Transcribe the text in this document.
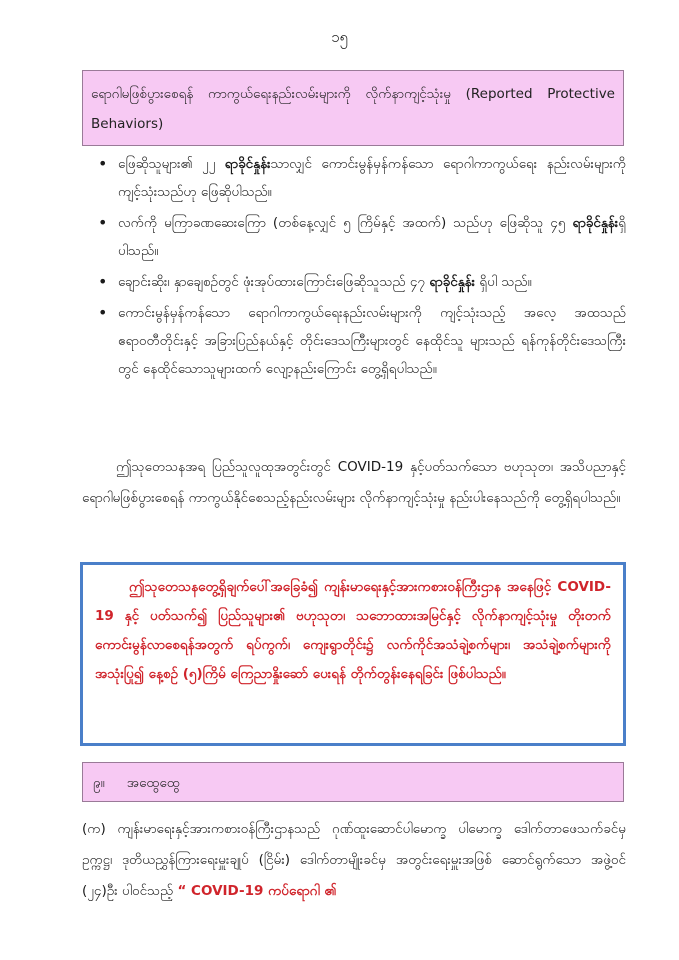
၁၅
ရောဂါမဖြစ်ပွားစေရန် ကာကွယ်ရေးနည်းလမ်းများကို လိုက်နာကျင့်သုံးမှု (Reported Protective Behaviors)
• ဖြေဆိုသူများ၏ ၂၂ ရာခိုင်နှုန်းသာလျှင် ကောင်းမွန်မှန်ကန်သော ရောဂါကာကွယ်ရေး နည်းလမ်းများကို ကျင့်သုံးသည်ဟု ဖြေဆိုပါသည်။
• လက်ကို မကြာခဏဆေးကြော (တစ်နေ့လျှင် ၅ ကြိမ်နှင့် အထက်) သည်ဟု ဖြေဆိုသူ ၄၅ ရာခိုင်နှုန်းရှိပါသည်။
• ချောင်းဆိုး၊ နှာချေစဉ်တွင် ဖုံးအုပ်ထားကြောင်းဖြေဆိုသူသည် ၄၇ ရာခိုင်နှုန်း ရှိပါ သည်။
• ကောင်းမွန်မှန်ကန်သော ရောဂါကာကွယ်ရေးနည်းလမ်းများကို ကျင့်သုံးသည့် အလေ့ အထသည် ဧရာဝတီတိုင်းနှင့် အခြားပြည်နယ်နှင့် တိုင်းဒေသကြီးများတွင် နေထိုင်သူ များသည် ရန်ကုန်တိုင်းဒေသကြီးတွင် နေထိုင်သောသူများထက် လျော့နည်းကြောင်း တွေ့ရှိရပါသည်။
ဤသုတေသနအရ ပြည်သူလူထုအတွင်းတွင် COVID-19 နှင့်ပတ်သက်သော ဗဟုသုတ၊ အသိပညာနှင့် ရောဂါမဖြစ်ပွားစေရန် ကာကွယ်နိုင်စေသည့်နည်းလမ်းများ လိုက်နာကျင့်သုံးမှု နည်းပါးနေသည်ကို တွေ့ရှိရပါသည်။
ဤသုတေသနတွေ့ရှိချက်ပေါ်အခြေခံ၍ ကျန်းမာရေးနှင့်အားကစားဝန်ကြီးဌာန အနေဖြင့် COVID-19 နှင့် ပတ်သက်၍ ပြည်သူများ၏ ဗဟုသုတ၊ သဘောထားအမြင်နှင့် လိုက်နာကျင့်သုံးမှု တိုးတက်ကောင်းမွန်လာစေရန်အတွက် ရပ်ကွက်၊ ကျေးရွာတိုင်း၌ လက်ကိုင်အသံချဲ့စက်များ၊ အသံချဲ့စက်များကို အသုံးပြု၍ နေ့စဉ် (၅)ကြိမ် ကြေညာနှိုးဆော် ပေးရန် တိုက်တွန်းနေရခြင်း ဖြစ်ပါသည်။
၉။ အထွေထွေ
(က) ကျန်းမာရေးနှင့်အားကစားဝန်ကြီးဌာနသည် ဂုဏ်ထူးဆောင်ပါမောက္ခ ပါမောက္ခ ဒေါက်တာဖေသက်ခင်မှ ဥက္ကဋ္ဌ၊ ဒုတိယညွှန်ကြားရေးမှူးချုပ် (ငြိမ်း) ဒေါက်တာမျိုးခင်မှ အတွင်းရေးမှူးအဖြစ် ဆောင်ရွက်သော အဖွဲ့ဝင် (၂၄)ဦး ပါဝင်သည့် “ COVID-19 ကပ်ရောဂါ ၏
